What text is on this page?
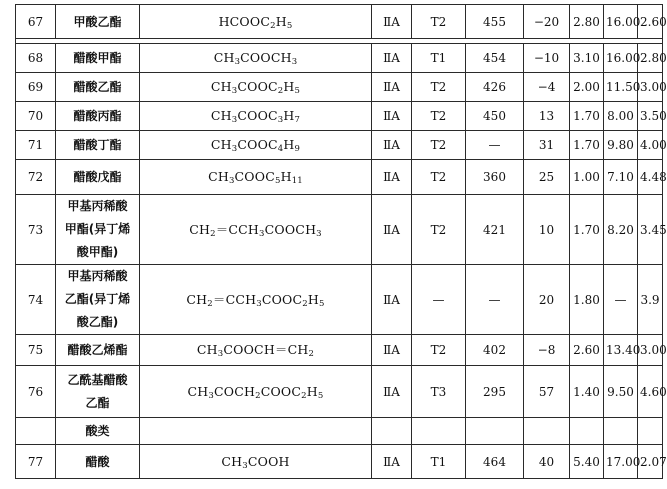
67	甲酸乙酯	$HCOOC_2H_5$	ⅡA	T2	455	−20	2.80	16.00	2.60

68	醋酸甲酯	$CH_3COOCH_3$	ⅡA	T1	454	−10	3.10	16.00	2.80
69	醋酸乙酯	$CH_3COOC_2H_5$	ⅡA	T2	426	−4	2.00	11.50	3.00
70	醋酸丙酯	$CH_3COOC_3H_7$	ⅡA	T2	450	13	1.70	8.00	3.50
71	醋酸丁酯	$CH_3COOC_4H_9$	ⅡA	T2	—	31	1.70	9.80	4.00
72	醋酸戊酯	$CH_3COOC_5H_{11}$	ⅡA	T2	360	25	1.00	7.10	4.48
73	甲基丙稀酸
甲酯(异丁烯
酸甲酯)	$CH_2=CCH_3COOCH_3$	ⅡA	T2	421	10	1.70	8.20	3.45
74	甲基丙稀酸
乙酯(异丁烯
酸乙酯)	$CH_2=CCH_3COOC_2H_5$	ⅡA	—	—	20	1.80	—	3.9
75	醋酸乙烯酯	$CH_3COOCH=CH_2$	ⅡA	T2	402	−8	2.60	13.40	3.00
76	乙酰基醋酸
乙酯	$CH_3COCH_2COOC_2H_5$	ⅡA	T3	295	57	1.40	9.50	4.60
	酸类								
77	醋酸	$CH_3COOH$	ⅡA	T1	464	40	5.40	17.00	2.07
